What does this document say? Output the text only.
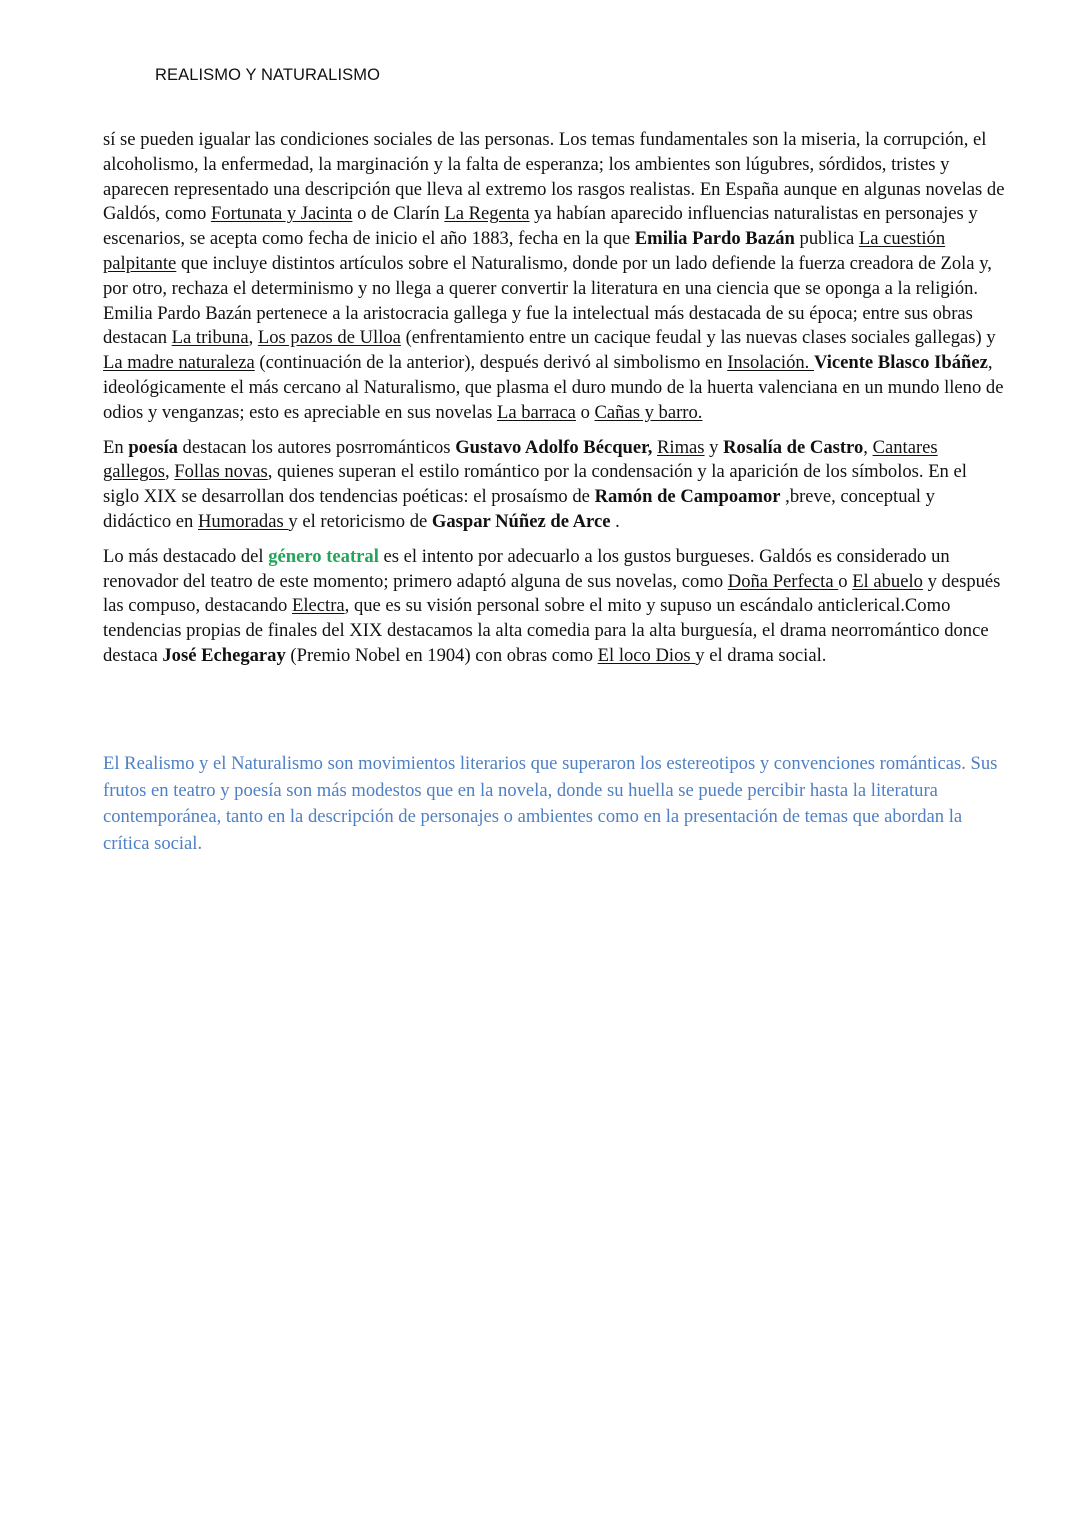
REALISMO Y NATURALISMO

sí se pueden igualar las condiciones sociales de las personas. Los temas fundamentales son la miseria, la corrupción, el alcoholismo, la enfermedad, la marginación y la falta de esperanza; los ambientes son lúgubres, sórdidos, tristes y aparecen representado una descripción que lleva al extremo los rasgos realistas. En España aunque en algunas novelas de Galdós, como Fortunata y Jacinta o de Clarín La Regenta ya habían aparecido influencias naturalistas en personajes y escenarios, se acepta como fecha de inicio el año 1883, fecha en la que Emilia Pardo Bazán publica La cuestión palpitante que incluye distintos artículos sobre el Naturalismo, donde por un lado defiende la fuerza creadora de Zola y, por otro, rechaza el determinismo y no llega a querer convertir la literatura en una ciencia que se oponga a la religión. Emilia Pardo Bazán pertenece a la aristocracia gallega y fue la intelectual más destacada de su época; entre sus obras destacan La tribuna, Los pazos de Ulloa (enfrentamiento entre un cacique feudal y las nuevas clases sociales gallegas) y La madre naturaleza (continuación de la anterior), después derivó al simbolismo en Insolación. Vicente Blasco Ibáñez, ideológicamente el más cercano al Naturalismo, que plasma el duro mundo de la huerta valenciana en un mundo lleno de odios y venganzas; esto es apreciable en sus novelas La barraca o Cañas y barro.

En poesía destacan los autores posrrománticos Gustavo Adolfo Bécquer, Rimas y Rosalía de Castro, Cantares gallegos, Follas novas, quienes superan el estilo romántico por la condensación y la aparición de los símbolos. En el siglo XIX se desarrollan dos tendencias poéticas: el prosaísmo de Ramón de Campoamor ,breve, conceptual y didáctico en Humoradas y el retoricismo de Gaspar Núñez de Arce .

Lo más destacado del género teatral es el intento por adecuarlo a los gustos burgueses. Galdós es considerado un renovador del teatro de este momento; primero adaptó alguna de sus novelas, como Doña Perfecta o El abuelo y después las compuso, destacando Electra, que es su visión personal sobre el mito y supuso un escándalo anticlerical.Como tendencias propias de finales del XIX destacamos la alta comedia para la alta burguesía, el drama neorromántico donce destaca José Echegaray (Premio Nobel en 1904) con obras como El loco Dios y el drama social.

El Realismo y el Naturalismo son movimientos literarios que superaron los estereotipos y convenciones románticas. Sus frutos en teatro y poesía son más modestos que en la novela, donde su huella se puede percibir hasta la literatura contemporánea, tanto en la descripción de personajes o ambientes como en la presentación de temas que abordan la crítica social.
